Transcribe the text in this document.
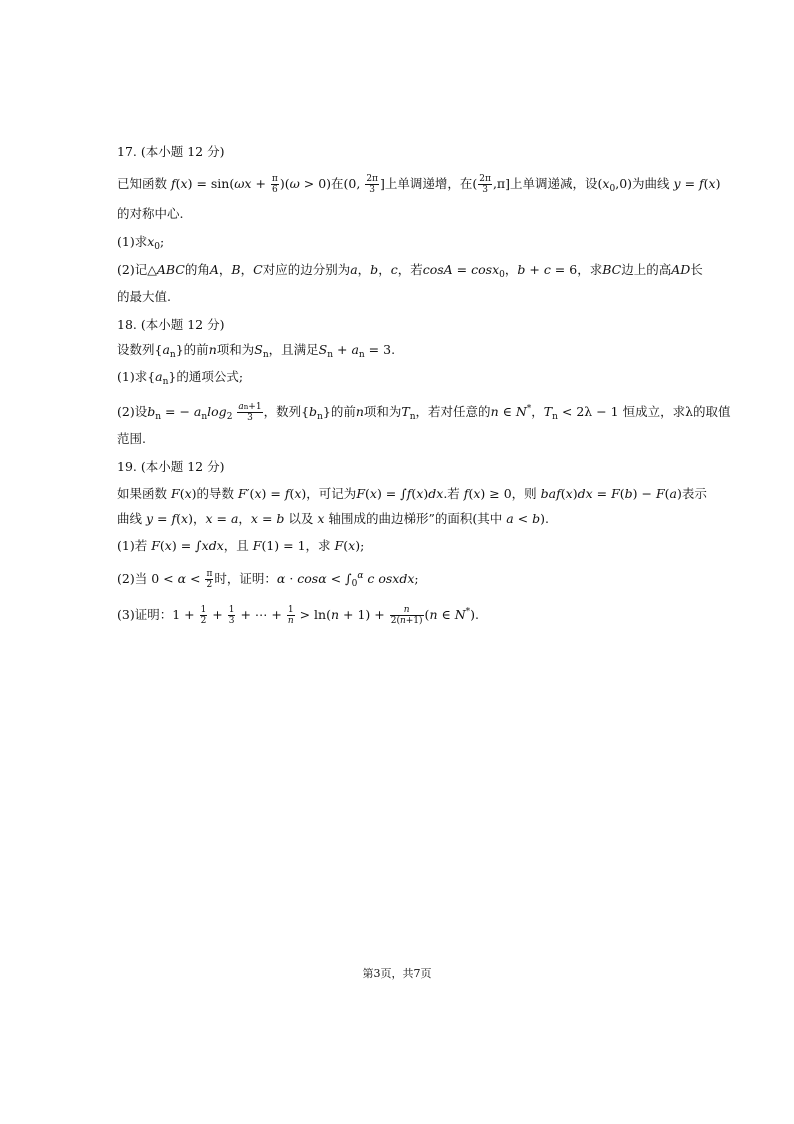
17. (本小题 12 分)
已知函数 $f(x) = \sin(\omega x + \frac{\pi}{6} )(\omega > 0)$在(0, $\frac{2\pi}{3}$ ]上单调递增，在( $\frac{2\pi}{3} ,\pi$]上单调递减，设$(x_0,0)$为曲线 y = f(x)
的对称中心.
(1)求$x_0$;
(2)记△ABC的角A，B，C对应的边分别为a，b，c，若cosA = cosx$_0$，b + c = 6，求BC边上的高AD长
的最大值.
18. (本小题 12 分)
设数列$\{a_n\}$的前n项和为$S_n$，且满足$S_n + a_n = 3$.
(1)求$\{a_n\}$的通项公式;
(2)设$b_n$ = − $a_n\log_2 \frac{an+1}{3}$ ，数列$\{b_n\}$的前n项和为$T_n$，若对任意的n ∈ N*，$T_n < 2\lambda - 1$ 恒成立，求λ的取值
范围.
19. (本小题 12 分)
如果函数 F(x)的导数 F′(x) = f(x)，可记为F(x) = ∫f(x)dx.若 f(x) ≥ 0，则 baf(x)dx = F(b) − F(a)表示
曲线 y = f(x)，x = a，x = b 以及 x 轴围成的曲边梯形”的面积(其中 a < b).
(1)若 F(x) = ∫xdx，且 F(1) = 1，求 F(x);
(2)当 $0 < \alpha < \frac{\pi}{2}$ 时，证明：$\alpha \cdot \cos\alpha < \int_0^\alpha$ c osxdx;
(3)证明：$1 + \frac{1}{2} + \frac{1}{3}$ + ⋯ + $\frac{1}{n} > \ln(n + 1) + \frac{n}{2(n+1)} (n$ ∈ N*).
第3页，共7页
